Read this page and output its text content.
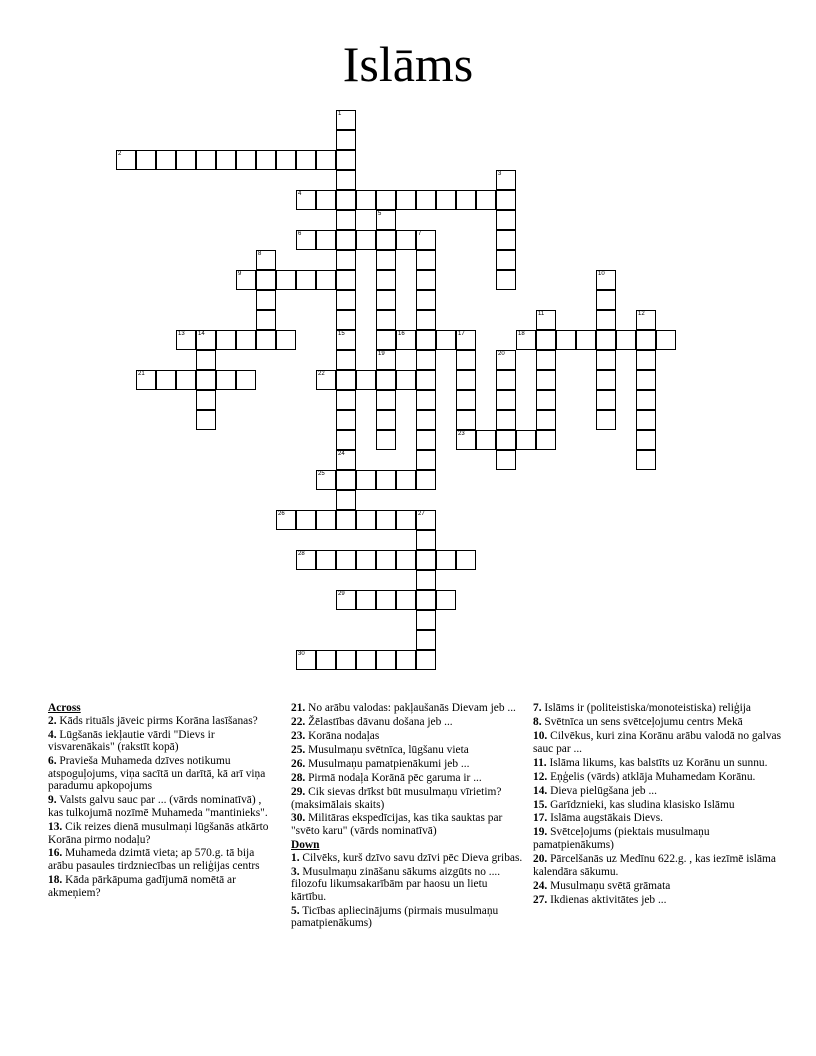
Islāms
1
15
24
2
3
4
5
19
6	7
8
9	10
11	12
13 14	16	17	18
20
21	22
23
25
26	27
28
29
30
Across
2. Kāds rituāls jāveic pirms Korāna lasīšanas?
4. Lūgšanās iekļautie vārdi "Dievs ir visvarenākais" (rakstīt kopā)
6. Pravieša Muhameda dzīves notikumu atspoguļojums, viņa sacītā un darītā, kā arī viņa paradumu apkopojums
9. Valsts galvu sauc par ... (vārds nominatīvā) , kas tulkojumā nozīmē Muhameda "mantinieks".
13. Cik reizes dienā musulmaņi lūgšanās atkārto Korāna pirmo nodaļu?
16. Muhameda dzimtā vieta; ap 570.g. tā bija arābu pasaules tirdzniecības un reliģijas centrs
18. Kāda pārkāpuma gadījumā nomētā ar akmeņiem?
21. No arābu valodas: pakļaušanās Dievam jeb ...
22. Žēlastības dāvanu došana jeb ...
23. Korāna nodaļas
25. Musulmaņu svētnīca, lūgšanu vieta
26. Musulmaņu pamatpienākumi jeb ...
28. Pirmā nodaļa Korānā pēc garuma ir ...
29. Cik sievas drīkst būt musulmaņu vīrietim? (maksimālais skaits)
30. Militāras ekspedīcijas, kas tika sauktas par "svēto karu" (vārds nominatīvā)
Down
1. Cilvēks, kurš dzīvo savu dzīvi pēc Dieva gribas.
3. Musulmaņu zināšanu sākums aizgūts no .... filozofu likumsakarībām par haosu un lietu kārtību.
5. Ticības apliecinājums (pirmais musulmaņu pamatpienākums)
7. Islāms ir (politeistiska/monoteistiska) reliģija
8. Svētnīca un sens svētceļojumu centrs Mekā
10. Cilvēkus, kuri zina Korānu arābu valodā no galvas sauc par ...
11. Islāma likums, kas balstīts uz Korānu un sunnu.
12. Eņģelis (vārds) atklāja Muhamedam Korānu.
14. Dieva pielūgšana jeb ...
15. Garīdznieki, kas sludina klasisko Islāmu
17. Islāma augstākais Dievs.
19. Svētceļojums (piektais musulmaņu pamatpienākums)
20. Pārcelšanās uz Medīnu 622.g. , kas iezīmē islāma kalendāra sākumu.
24. Musulmaņu svētā grāmata
27. Ikdienas aktivitātes jeb ...
